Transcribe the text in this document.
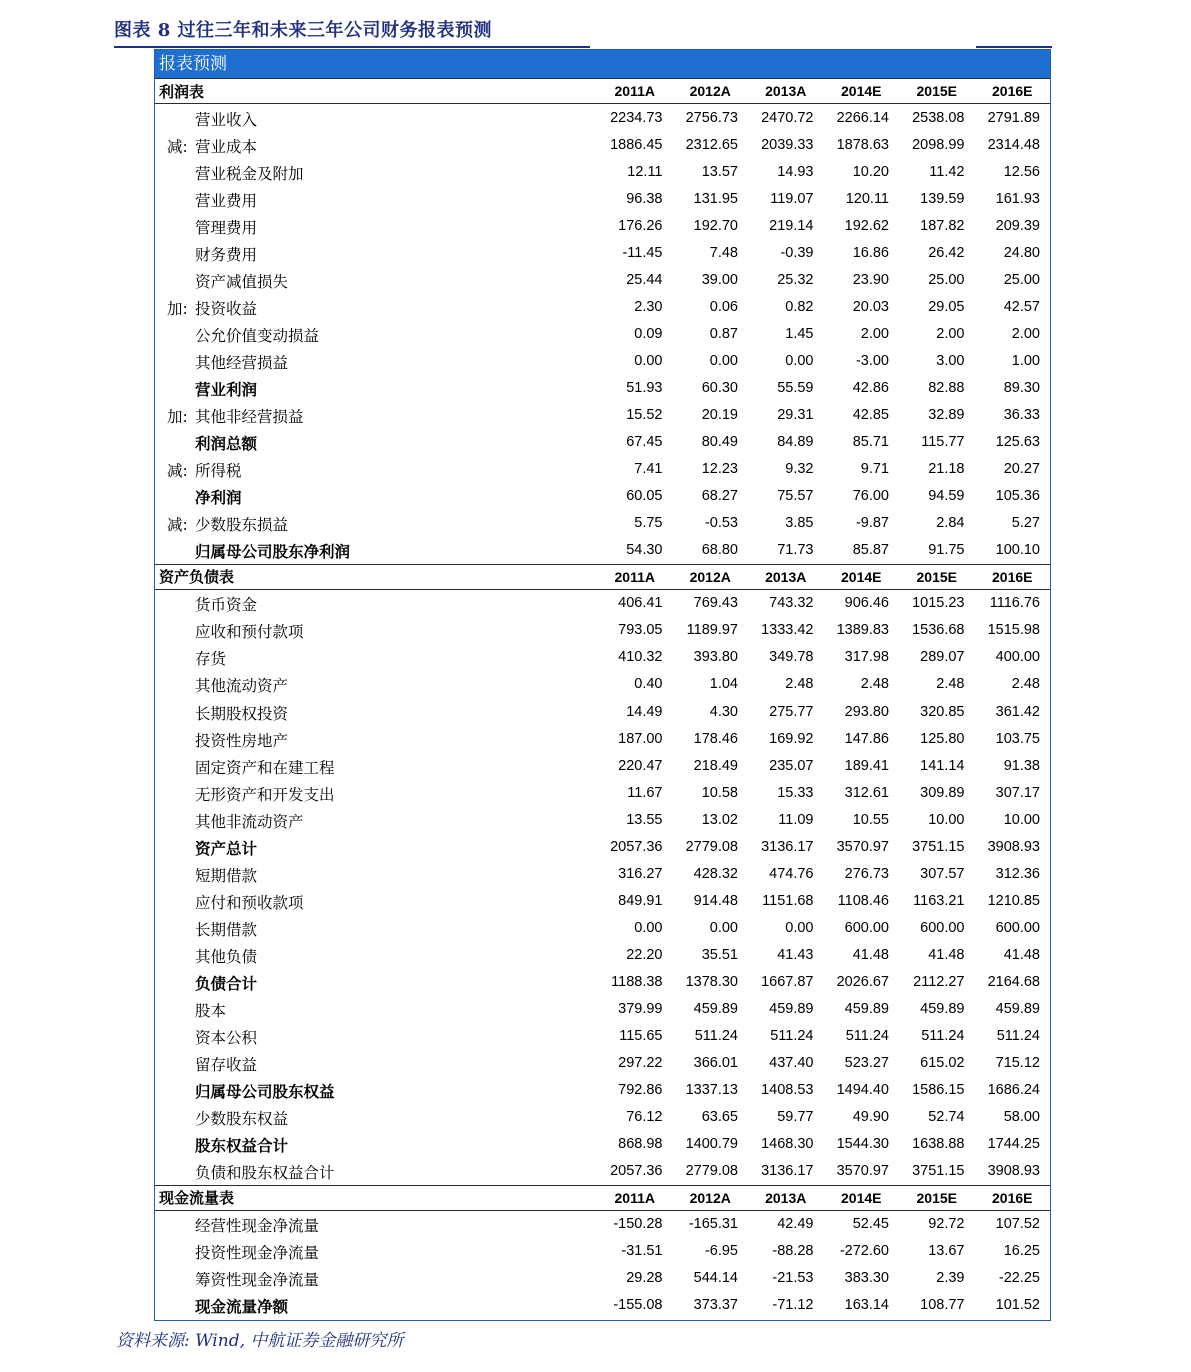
图表 8 过往三年和未来三年公司财务报表预测
报表预测
利润表	2011A	2012A	2013A	2014E	2015E	2016E
营业收入	2234.73	2756.73	2470.72	2266.14	2538.08	2791.89
减: 营业成本	1886.45	2312.65	2039.33	1878.63	2098.99	2314.48
营业税金及附加	12.11	13.57	14.93	10.20	11.42	12.56
营业费用	96.38	131.95	119.07	120.11	139.59	161.93
管理费用	176.26	192.70	219.14	192.62	187.82	209.39
财务费用	-11.45	7.48	-0.39	16.86	26.42	24.80
资产减值损失	25.44	39.00	25.32	23.90	25.00	25.00
加: 投资收益	2.30	0.06	0.82	20.03	29.05	42.57
公允价值变动损益	0.09	0.87	1.45	2.00	2.00	2.00
其他经营损益	0.00	0.00	0.00	-3.00	3.00	1.00
营业利润	51.93	60.30	55.59	42.86	82.88	89.30
加: 其他非经营损益	15.52	20.19	29.31	42.85	32.89	36.33
利润总额	67.45	80.49	84.89	85.71	115.77	125.63
减: 所得税	7.41	12.23	9.32	9.71	21.18	20.27
净利润	60.05	68.27	75.57	76.00	94.59	105.36
减: 少数股东损益	5.75	-0.53	3.85	-9.87	2.84	5.27
归属母公司股东净利润	54.30	68.80	71.73	85.87	91.75	100.10
资产负债表	2011A	2012A	2013A	2014E	2015E	2016E
货币资金	406.41	769.43	743.32	906.46	1015.23	1116.76
应收和预付款项	793.05	1189.97	1333.42	1389.83	1536.68	1515.98
存货	410.32	393.80	349.78	317.98	289.07	400.00
其他流动资产	0.40	1.04	2.48	2.48	2.48	2.48
长期股权投资	14.49	4.30	275.77	293.80	320.85	361.42
投资性房地产	187.00	178.46	169.92	147.86	125.80	103.75
固定资产和在建工程	220.47	218.49	235.07	189.41	141.14	91.38
无形资产和开发支出	11.67	10.58	15.33	312.61	309.89	307.17
其他非流动资产	13.55	13.02	11.09	10.55	10.00	10.00
资产总计	2057.36	2779.08	3136.17	3570.97	3751.15	3908.93
短期借款	316.27	428.32	474.76	276.73	307.57	312.36
应付和预收款项	849.91	914.48	1151.68	1108.46	1163.21	1210.85
长期借款	0.00	0.00	0.00	600.00	600.00	600.00
其他负债	22.20	35.51	41.43	41.48	41.48	41.48
负债合计	1188.38	1378.30	1667.87	2026.67	2112.27	2164.68
股本	379.99	459.89	459.89	459.89	459.89	459.89
资本公积	115.65	511.24	511.24	511.24	511.24	511.24
留存收益	297.22	366.01	437.40	523.27	615.02	715.12
归属母公司股东权益	792.86	1337.13	1408.53	1494.40	1586.15	1686.24
少数股东权益	76.12	63.65	59.77	49.90	52.74	58.00
股东权益合计	868.98	1400.79	1468.30	1544.30	1638.88	1744.25
负债和股东权益合计	2057.36	2779.08	3136.17	3570.97	3751.15	3908.93
现金流量表	2011A	2012A	2013A	2014E	2015E	2016E
经营性现金净流量	-150.28	-165.31	42.49	52.45	92.72	107.52
投资性现金净流量	-31.51	-6.95	-88.28	-272.60	13.67	16.25
筹资性现金净流量	29.28	544.14	-21.53	383.30	2.39	-22.25
现金流量净额	-155.08	373.37	-71.12	163.14	108.77	101.52
资料来源: Wind, 中航证券金融研究所
